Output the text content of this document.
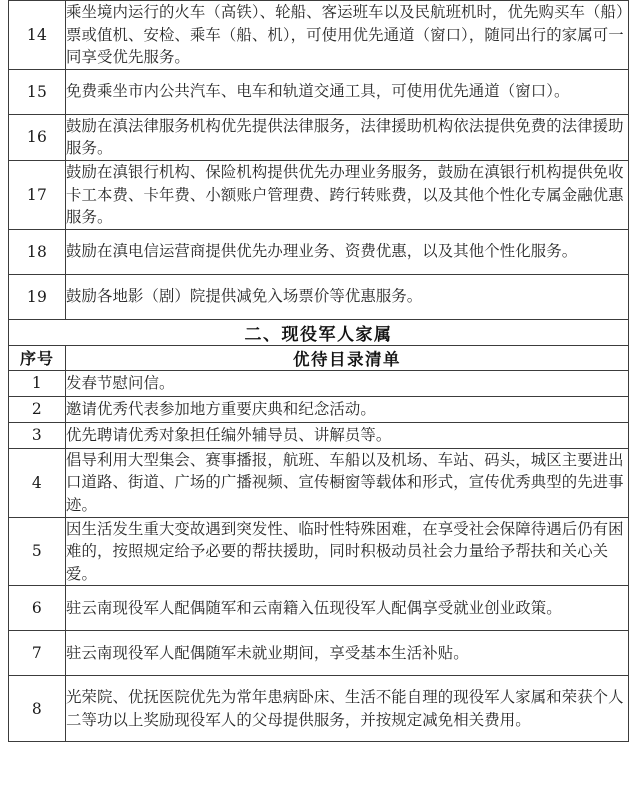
14	乘坐境内运行的火车（高铁）、轮船、客运班车以及民航班机时，优先购买车（船）票或值机、安检、乘车（船、机），可使用优先通道（窗口），随同出行的家属可一同享受优先服务。
15	免费乘坐市内公共汽车、电车和轨道交通工具，可使用优先通道（窗口）。
16	鼓励在滇法律服务机构优先提供法律服务，法律援助机构依法提供免费的法律援助服务。
17	鼓励在滇银行机构、保险机构提供优先办理业务服务，鼓励在滇银行机构提供免收卡工本费、卡年费、小额账户管理费、跨行转账费，以及其他个性化专属金融优惠服务。
18	鼓励在滇电信运营商提供优先办理业务、资费优惠，以及其他个性化服务。
19	鼓励各地影（剧）院提供减免入场票价等优惠服务。
二、现役军人家属	
序号	优待目录清单
1	发春节慰问信。
2	邀请优秀代表参加地方重要庆典和纪念活动。
3	优先聘请优秀对象担任编外辅导员、讲解员等。
4	倡导利用大型集会、赛事播报，航班、车船以及机场、车站、码头，城区主要进出口道路、街道、广场的广播视频、宣传橱窗等载体和形式，宣传优秀典型的先进事迹。
5	因生活发生重大变故遇到突发性、临时性特殊困难，在享受社会保障待遇后仍有困难的，按照规定给予必要的帮扶援助，同时积极动员社会力量给予帮扶和关心关爱。
6	驻云南现役军人配偶随军和云南籍入伍现役军人配偶享受就业创业政策。
7	驻云南现役军人配偶随军未就业期间，享受基本生活补贴。
8	光荣院、优抚医院优先为常年患病卧床、生活不能自理的现役军人家属和荣获个人二等功以上奖励现役军人的父母提供服务，并按规定减免相关费用。
